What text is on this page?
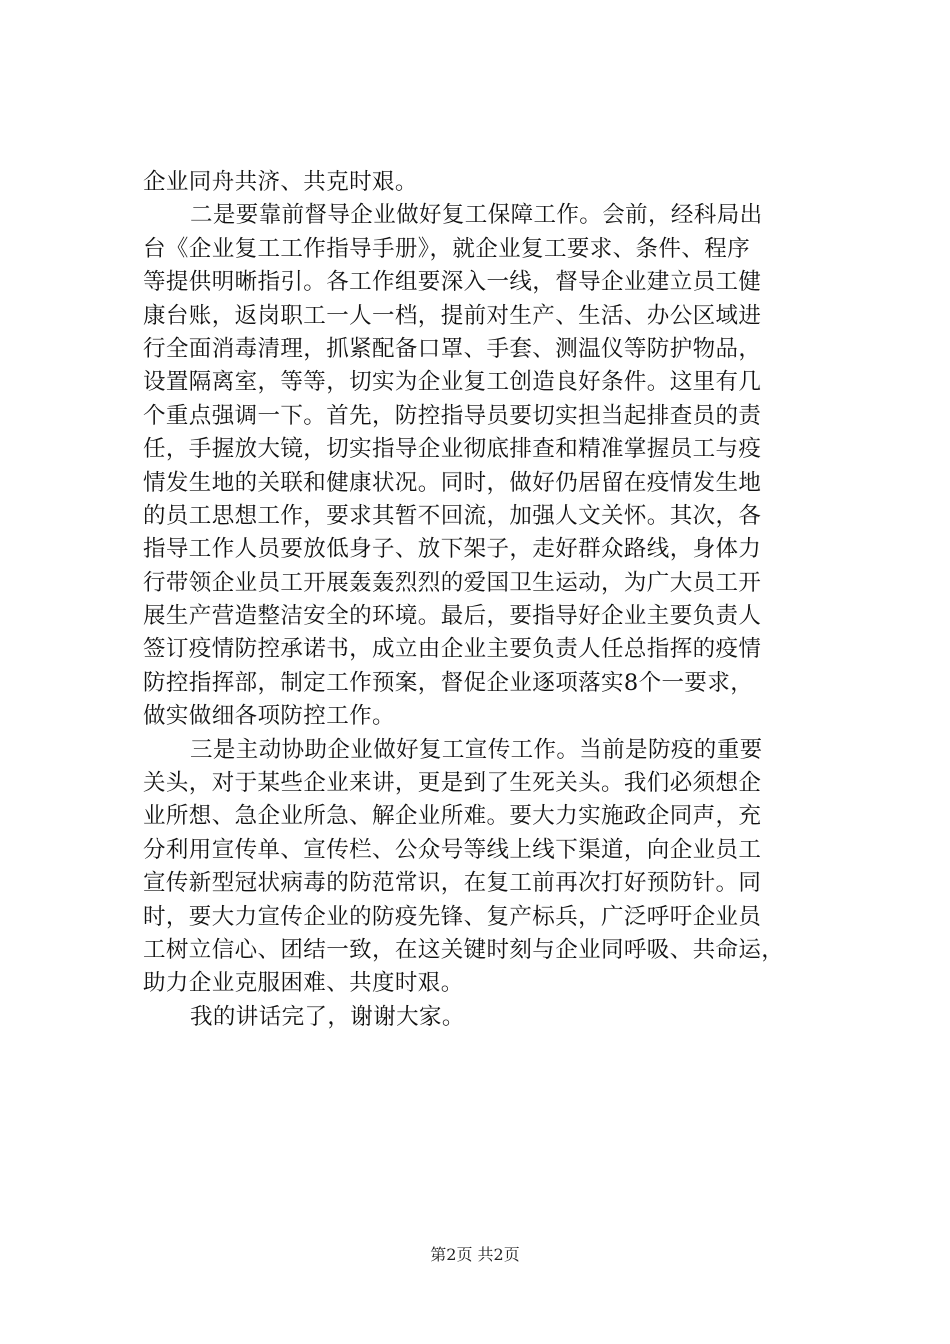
企业同舟共济、共克时艰。
二是要靠前督导企业做好复工保障工作。会前，经科局出
台《企业复工工作指导手册》，就企业复工要求、条件、程序
等提供明晰指引。各工作组要深入一线，督导企业建立员工健
康台账，返岗职工一人一档，提前对生产、生活、办公区域进
行全面消毒清理，抓紧配备口罩、手套、测温仪等防护物品，
设置隔离室，等等，切实为企业复工创造良好条件。这里有几
个重点强调一下。首先，防控指导员要切实担当起排查员的责
任，手握放大镜，切实指导企业彻底排查和精准掌握员工与疫
情发生地的关联和健康状况。同时，做好仍居留在疫情发生地
的员工思想工作，要求其暂不回流，加强人文关怀。其次，各
指导工作人员要放低身子、放下架子，走好群众路线，身体力
行带领企业员工开展轰轰烈烈的爱国卫生运动，为广大员工开
展生产营造整洁安全的环境。最后，要指导好企业主要负责人
签订疫情防控承诺书，成立由企业主要负责人任总指挥的疫情
防控指挥部，制定工作预案，督促企业逐项落实8个一要求，
做实做细各项防控工作。
三是主动协助企业做好复工宣传工作。当前是防疫的重要
关头，对于某些企业来讲，更是到了生死关头。我们必须想企
业所想、急企业所急、解企业所难。要大力实施政企同声，充
分利用宣传单、宣传栏、公众号等线上线下渠道，向企业员工
宣传新型冠状病毒的防范常识，在复工前再次打好预防针。同
时，要大力宣传企业的防疫先锋、复产标兵，广泛呼吁企业员
工树立信心、团结一致，在这关键时刻与企业同呼吸、共命运，
助力企业克服困难、共度时艰。
我的讲话完了，谢谢大家。
第2页 共2页
